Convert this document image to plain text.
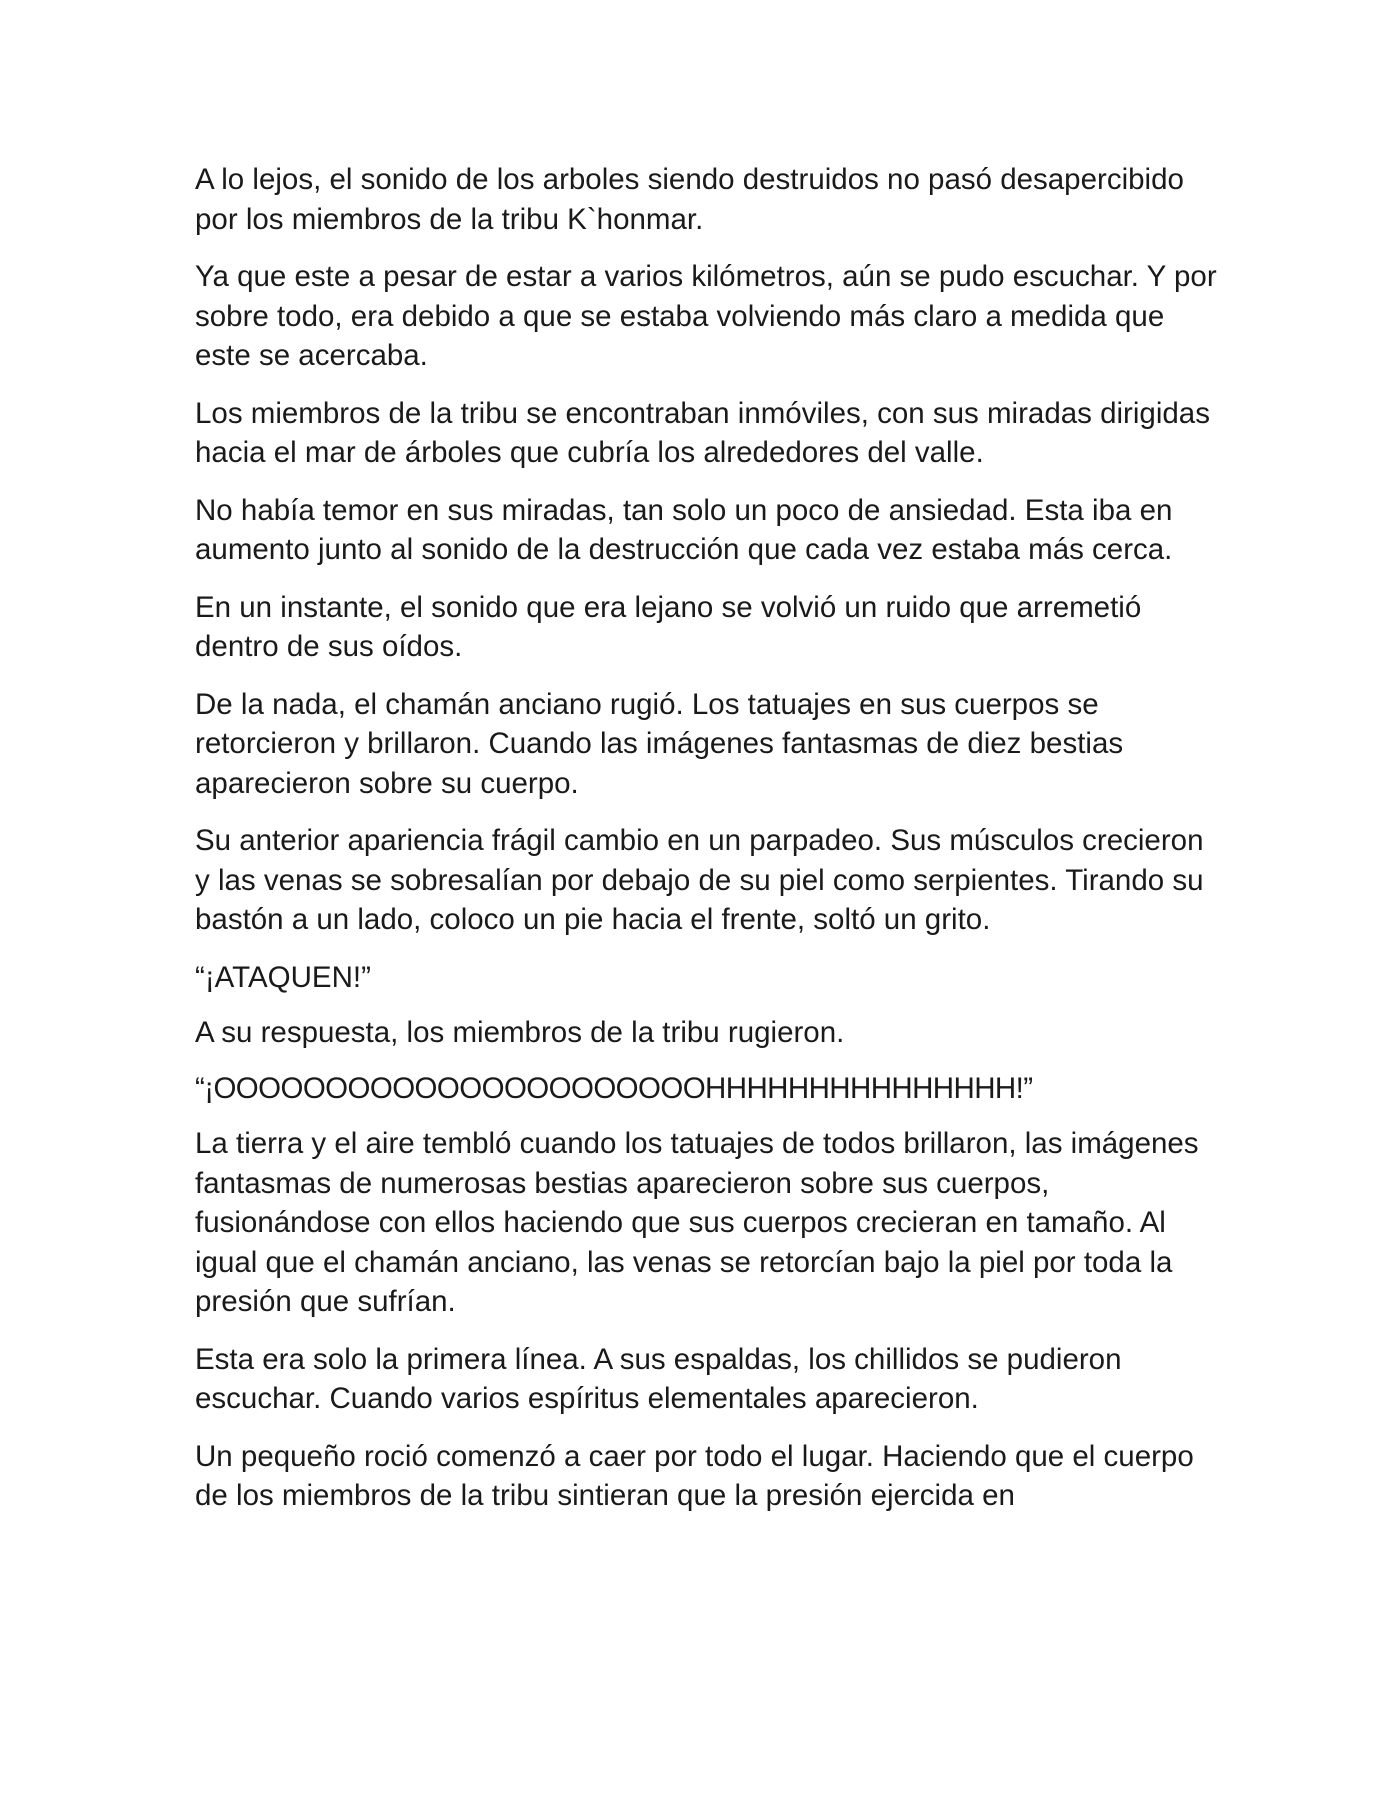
A lo lejos, el sonido de los arboles siendo destruidos no pasó desapercibido por los miembros de la tribu K`honmar.

Ya que este a pesar de estar a varios kilómetros, aún se pudo escuchar. Y por sobre todo, era debido a que se estaba volviendo más claro a medida que este se acercaba.

Los miembros de la tribu se encontraban inmóviles, con sus miradas dirigidas hacia el mar de árboles que cubría los alrededores del valle.

No había temor en sus miradas, tan solo un poco de ansiedad. Esta iba en aumento junto al sonido de la destrucción que cada vez estaba más cerca.

En un instante, el sonido que era lejano se volvió un ruido que arremetió dentro de sus oídos.

De la nada, el chamán anciano rugió. Los tatuajes en sus cuerpos se retorcieron y brillaron. Cuando las imágenes fantasmas de diez bestias aparecieron sobre su cuerpo.

Su anterior apariencia frágil cambio en un parpadeo. Sus músculos crecieron y las venas se sobresalían por debajo de su piel como serpientes. Tirando su bastón a un lado, coloco un pie hacia el frente, soltó un grito.

“¡ATAQUEN!”

A su respuesta, los miembros de la tribu rugieron.

“¡OOOOOOOOOOOOOOOOOOOOOOHHHHHHHHHHHHHHH!”

La tierra y el aire tembló cuando los tatuajes de todos brillaron, las imágenes fantasmas de numerosas bestias aparecieron sobre sus cuerpos, fusionándose con ellos haciendo que sus cuerpos crecieran en tamaño. Al igual que el chamán anciano, las venas se retorcían bajo la piel por toda la presión que sufrían.

Esta era solo la primera línea. A sus espaldas, los chillidos se pudieron escuchar. Cuando varios espíritus elementales aparecieron.

Un pequeño roció comenzó a caer por todo el lugar. Haciendo que el cuerpo de los miembros de la tribu sintieran que la presión ejercida en
